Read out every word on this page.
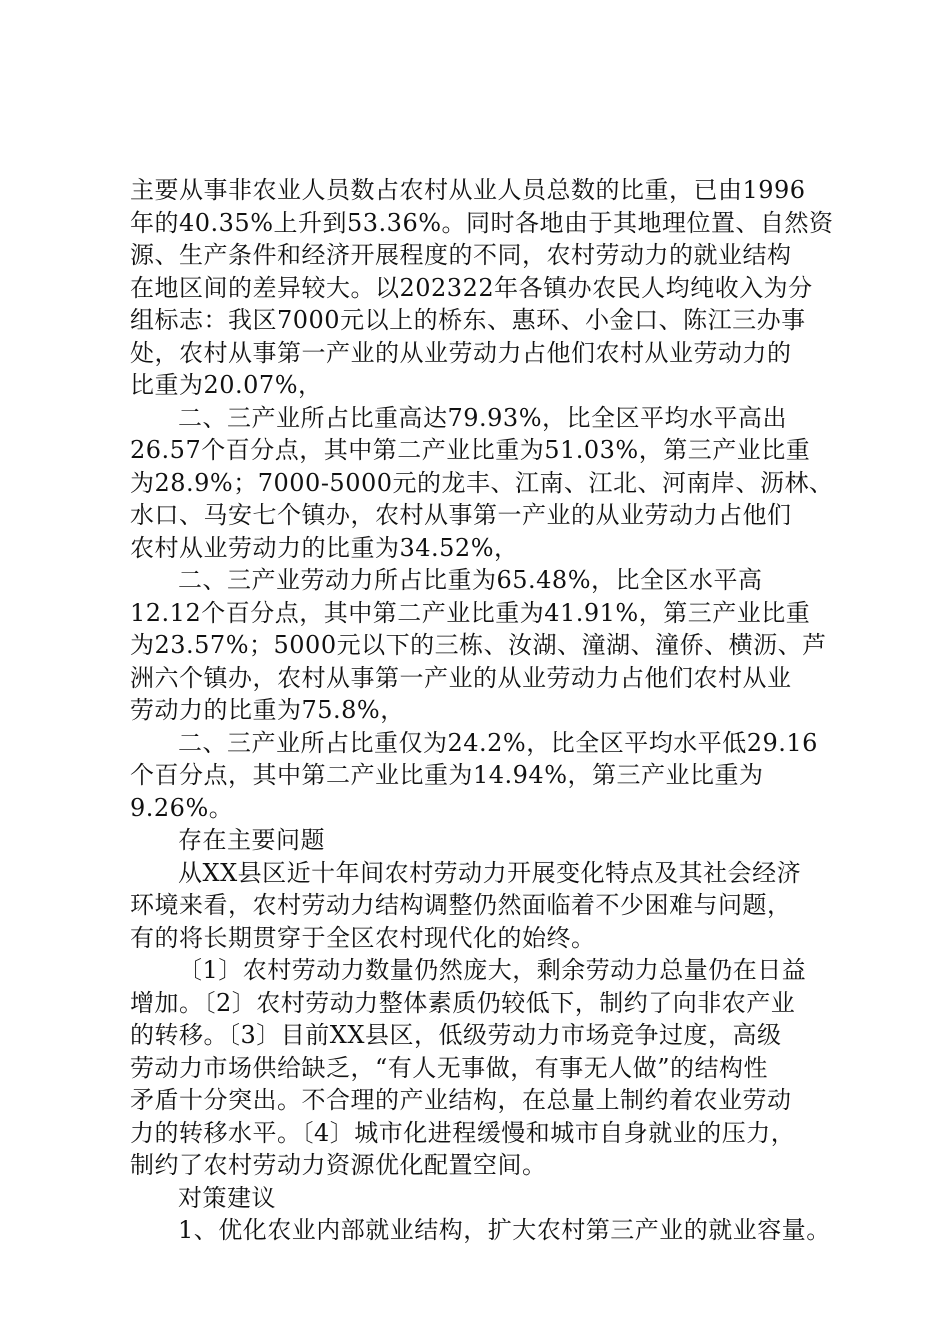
主要从事非农业人员数占农村从业人员总数的比重，已由1996
年的40.35%上升到53.36%。同时各地由于其地理位置、自然资
源、生产条件和经济开展程度的不同，农村劳动力的就业结构
在地区间的差异较大。以202322年各镇办农民人均纯收入为分
组标志：我区7000元以上的桥东、惠环、小金口、陈江三办事
处，农村从事第一产业的从业劳动力占他们农村从业劳动力的
比重为20.07%，
二、三产业所占比重高达79.93%，比全区平均水平高出
26.57个百分点，其中第二产业比重为51.03%，第三产业比重
为28.9%；7000-5000元的龙丰、江南、江北、河南岸、沥林、
水口、马安七个镇办，农村从事第一产业的从业劳动力占他们
农村从业劳动力的比重为34.52%，
二、三产业劳动力所占比重为65.48%，比全区水平高
12.12个百分点，其中第二产业比重为41.91%，第三产业比重
为23.57%；5000元以下的三栋、汝湖、潼湖、潼侨、横沥、芦
洲六个镇办，农村从事第一产业的从业劳动力占他们农村从业
劳动力的比重为75.8%，
二、三产业所占比重仅为24.2%，比全区平均水平低29.16
个百分点，其中第二产业比重为14.94%，第三产业比重为
9.26%。
存在主要问题
从XX县区近十年间农村劳动力开展变化特点及其社会经济
环境来看，农村劳动力结构调整仍然面临着不少困难与问题，
有的将长期贯穿于全区农村现代化的始终。
〔1〕农村劳动力数量仍然庞大，剩余劳动力总量仍在日益
增加。〔2〕农村劳动力整体素质仍较低下，制约了向非农产业
的转移。〔3〕目前XX县区，低级劳动力市场竞争过度，高级
劳动力市场供给缺乏，“有人无事做，有事无人做”的结构性
矛盾十分突出。不合理的产业结构，在总量上制约着农业劳动
力的转移水平。〔4〕城市化进程缓慢和城市自身就业的压力，
制约了农村劳动力资源优化配置空间。
对策建议
1、优化农业内部就业结构，扩大农村第三产业的就业容量。
